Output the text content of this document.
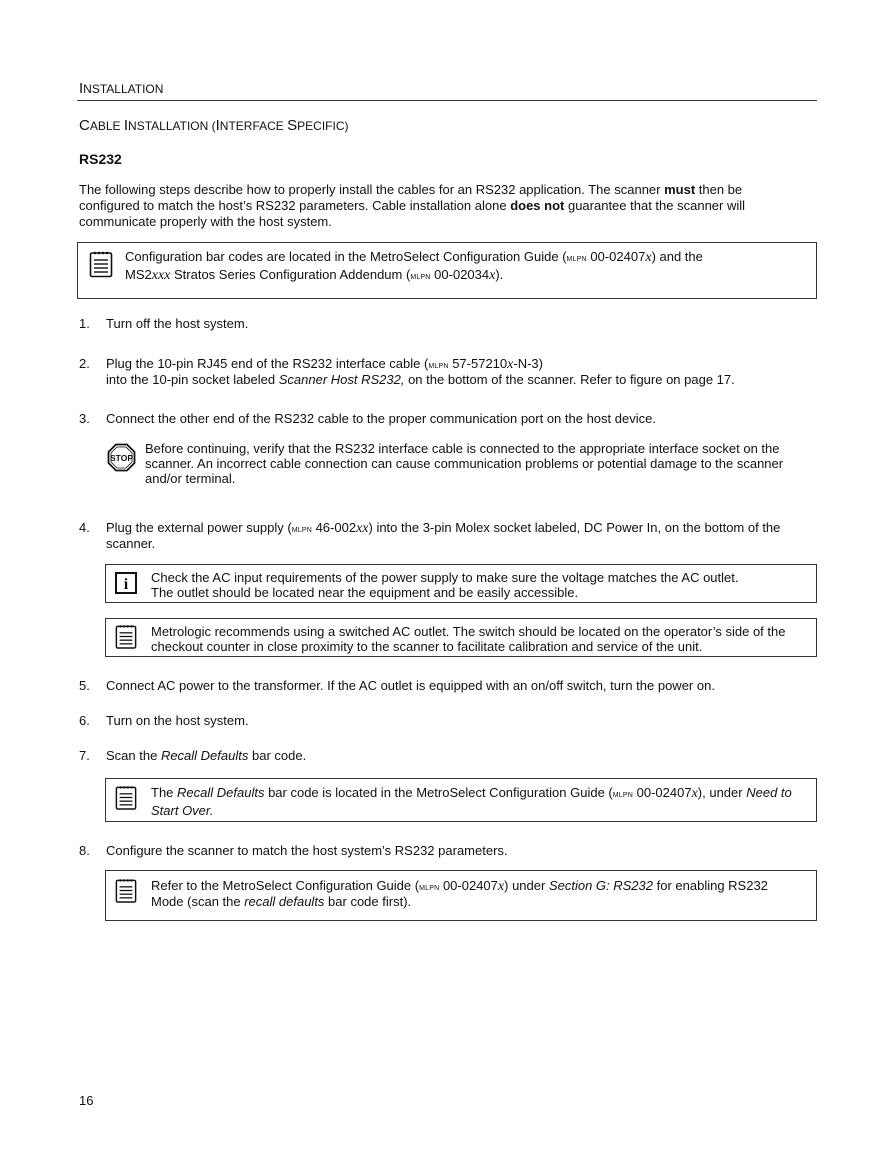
INSTALLATION
CABLE INSTALLATION (INTERFACE SPECIFIC)
RS232
The following steps describe how to properly install the cables for an RS232 application. The scanner must then be configured to match the host’s RS232 parameters. Cable installation alone does not guarantee that the scanner will communicate properly with the host system.
Configuration bar codes are located in the MetroSelect Configuration Guide (mlpn 00-02407x) and the
MS2xxx Stratos Series Configuration Addendum (mlpn 00-02034x).
1.	Turn off the host system.
2.	Plug the 10-pin RJ45 end of the RS232 interface cable (mlpn 57-57210x-N-3)
into the 10-pin socket labeled Scanner Host RS232, on the bottom of the scanner. Refer to figure on page 17.
3.	Connect the other end of the RS232 cable to the proper communication port on the host device.
STOP
Before continuing, verify that the RS232 interface cable is connected to the appropriate interface socket on the
scanner. An incorrect cable connection can cause communication problems or potential damage to the scanner
and/or terminal.
4.	Plug the external power supply (mlpn 46-002xx) into the 3-pin Molex socket labeled, DC Power In, on the bottom of the
scanner.
i Check the AC input requirements of the power supply to make sure the voltage matches the AC outlet.
The outlet should be located near the equipment and be easily accessible.
Metrologic recommends using a switched AC outlet. The switch should be located on the operator’s side of the
checkout counter in close proximity to the scanner to facilitate calibration and service of the unit.
5.	Connect AC power to the transformer. If the AC outlet is equipped with an on/off switch, turn the power on.
6.	Turn on the host system.
7.	Scan the Recall Defaults bar code.
The Recall Defaults bar code is located in the MetroSelect Configuration Guide (mlpn 00-02407x), under Need to
Start Over.
8.	Configure the scanner to match the host system’s RS232 parameters.
Refer to the MetroSelect Configuration Guide (mlpn 00-02407x) under Section G: RS232 for enabling RS232
Mode (scan the recall defaults bar code first).
16
